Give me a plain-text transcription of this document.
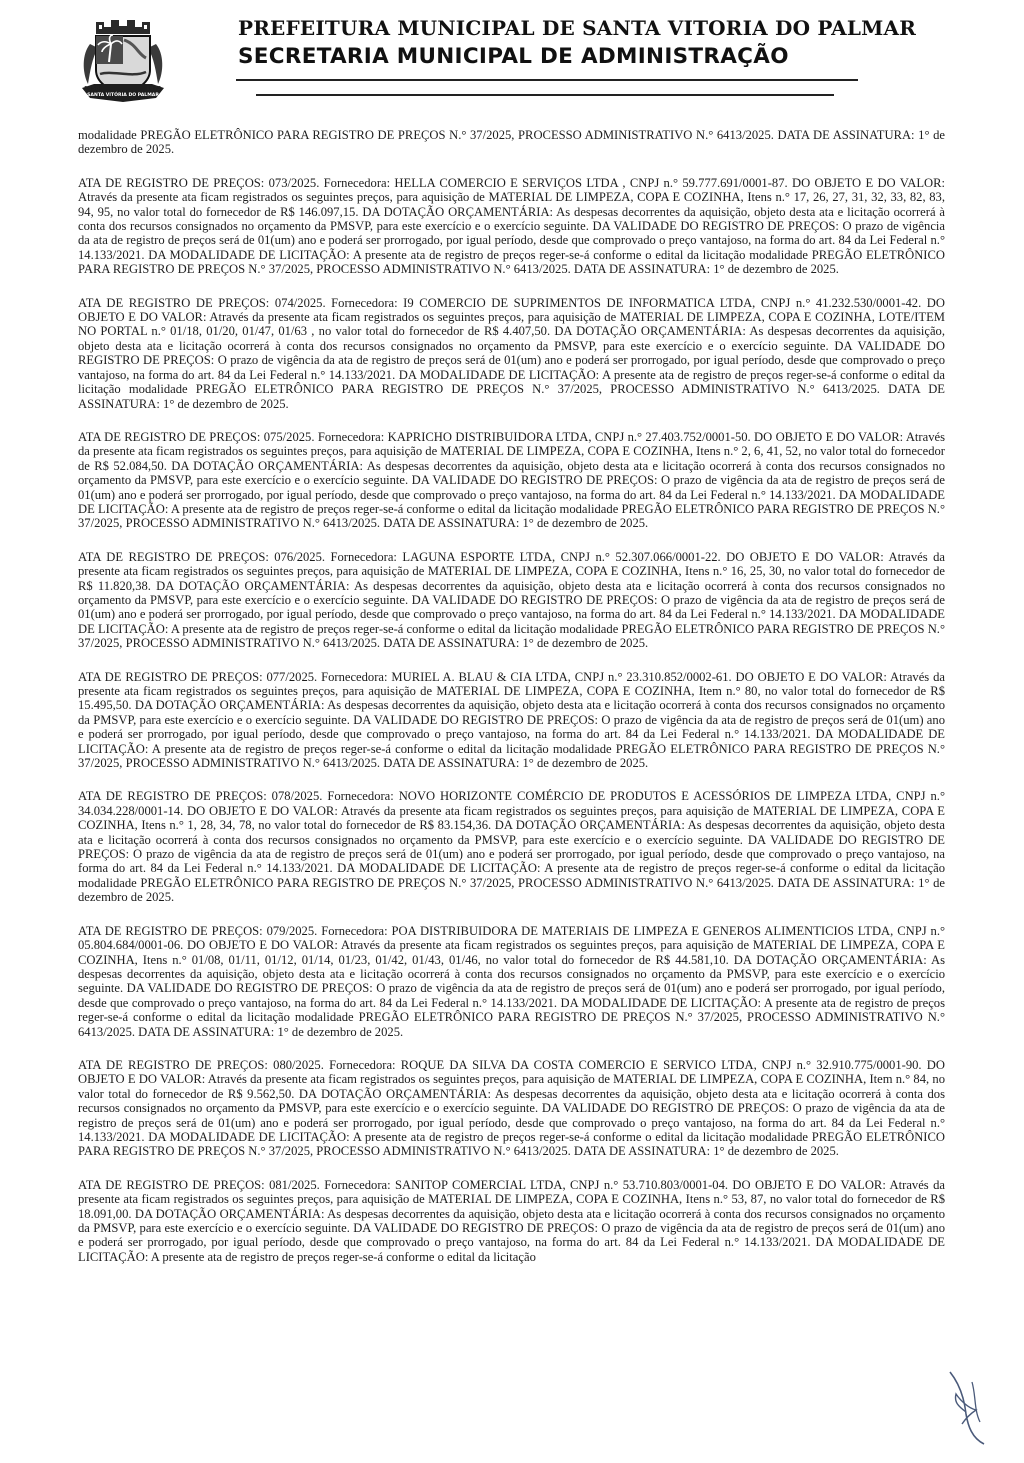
1858	1872
SANTA VITÓRIA DO PALMAR
PREFEITURA MUNICIPAL DE SANTA VITORIA DO PALMAR
SECRETARIA MUNICIPAL DE ADMINISTRAÇÃO

modalidade PREGÃO ELETRÔNICO PARA REGISTRO DE PREÇOS N.° 37/2025, PROCESSO ADMINISTRATIVO N.° 6413/2025. DATA DE ASSINATURA: 1° de dezembro de 2025.

ATA DE REGISTRO DE PREÇOS: 073/2025. Fornecedora: HELLA COMERCIO E SERVIÇOS LTDA , CNPJ n.° 59.777.691/0001-87. DO OBJETO E DO VALOR: Através da presente ata ficam registrados os seguintes preços, para aquisição de MATERIAL DE LIMPEZA, COPA E COZINHA, Itens n.° 17, 26, 27, 31, 32, 33, 82, 83, 94, 95, no valor total do fornecedor de R$ 146.097,15. DA DOTAÇÃO ORÇAMENTÁRIA: As despesas decorrentes da aquisição, objeto desta ata e licitação ocorrerá à conta dos recursos consignados no orçamento da PMSVP, para este exercício e o exercício seguinte. DA VALIDADE DO REGISTRO DE PREÇOS: O prazo de vigência da ata de registro de preços será de 01(um) ano e poderá ser prorrogado, por igual período, desde que comprovado o preço vantajoso, na forma do art. 84 da Lei Federal n.° 14.133/2021. DA MODALIDADE DE LICITAÇÃO: A presente ata de registro de preços reger-se-á conforme o edital da licitação modalidade PREGÃO ELETRÔNICO PARA REGISTRO DE PREÇOS N.° 37/2025, PROCESSO ADMINISTRATIVO N.° 6413/2025. DATA DE ASSINATURA: 1° de dezembro de 2025.

ATA DE REGISTRO DE PREÇOS: 074/2025. Fornecedora: I9 COMERCIO DE SUPRIMENTOS DE INFORMATICA LTDA, CNPJ n.° 41.232.530/0001-42. DO OBJETO E DO VALOR: Através da presente ata ficam registrados os seguintes preços, para aquisição de MATERIAL DE LIMPEZA, COPA E COZINHA, LOTE/ITEM NO PORTAL n.° 01/18, 01/20, 01/47, 01/63 , no valor total do fornecedor de R$ 4.407,50. DA DOTAÇÃO ORÇAMENTÁRIA: As despesas decorrentes da aquisição, objeto desta ata e licitação ocorrerá à conta dos recursos consignados no orçamento da PMSVP, para este exercício e o exercício seguinte. DA VALIDADE DO REGISTRO DE PREÇOS: O prazo de vigência da ata de registro de preços será de 01(um) ano e poderá ser prorrogado, por igual período, desde que comprovado o preço vantajoso, na forma do art. 84 da Lei Federal n.° 14.133/2021. DA MODALIDADE DE LICITAÇÃO: A presente ata de registro de preços reger-se-á conforme o edital da licitação modalidade PREGÃO ELETRÔNICO PARA REGISTRO DE PREÇOS N.° 37/2025, PROCESSO ADMINISTRATIVO N.° 6413/2025. DATA DE ASSINATURA: 1° de dezembro de 2025.

ATA DE REGISTRO DE PREÇOS: 075/2025. Fornecedora: KAPRICHO DISTRIBUIDORA LTDA, CNPJ n.° 27.403.752/0001-50. DO OBJETO E DO VALOR: Através da presente ata ficam registrados os seguintes preços, para aquisição de MATERIAL DE LIMPEZA, COPA E COZINHA, Itens n.° 2, 6, 41, 52, no valor total do fornecedor de R$ 52.084,50. DA DOTAÇÃO ORÇAMENTÁRIA: As despesas decorrentes da aquisição, objeto desta ata e licitação ocorrerá à conta dos recursos consignados no orçamento da PMSVP, para este exercício e o exercício seguinte. DA VALIDADE DO REGISTRO DE PREÇOS: O prazo de vigência da ata de registro de preços será de 01(um) ano e poderá ser prorrogado, por igual período, desde que comprovado o preço vantajoso, na forma do art. 84 da Lei Federal n.° 14.133/2021. DA MODALIDADE DE LICITAÇÃO: A presente ata de registro de preços reger-se-á conforme o edital da licitação modalidade PREGÃO ELETRÔNICO PARA REGISTRO DE PREÇOS N.° 37/2025, PROCESSO ADMINISTRATIVO N.° 6413/2025. DATA DE ASSINATURA: 1° de dezembro de 2025.

ATA DE REGISTRO DE PREÇOS: 076/2025. Fornecedora: LAGUNA ESPORTE LTDA, CNPJ n.° 52.307.066/0001-22. DO OBJETO E DO VALOR: Através da presente ata ficam registrados os seguintes preços, para aquisição de MATERIAL DE LIMPEZA, COPA E COZINHA, Itens n.° 16, 25, 30, no valor total do fornecedor de R$ 11.820,38. DA DOTAÇÃO ORÇAMENTÁRIA: As despesas decorrentes da aquisição, objeto desta ata e licitação ocorrerá à conta dos recursos consignados no orçamento da PMSVP, para este exercício e o exercício seguinte. DA VALIDADE DO REGISTRO DE PREÇOS: O prazo de vigência da ata de registro de preços será de 01(um) ano e poderá ser prorrogado, por igual período, desde que comprovado o preço vantajoso, na forma do art. 84 da Lei Federal n.° 14.133/2021. DA MODALIDADE DE LICITAÇÃO: A presente ata de registro de preços reger-se-á conforme o edital da licitação modalidade PREGÃO ELETRÔNICO PARA REGISTRO DE PREÇOS N.° 37/2025, PROCESSO ADMINISTRATIVO N.° 6413/2025. DATA DE ASSINATURA: 1° de dezembro de 2025.

ATA DE REGISTRO DE PREÇOS: 077/2025. Fornecedora: MURIEL A. BLAU & CIA LTDA, CNPJ n.° 23.310.852/0002-61. DO OBJETO E DO VALOR: Através da presente ata ficam registrados os seguintes preços, para aquisição de MATERIAL DE LIMPEZA, COPA E COZINHA, Item n.° 80, no valor total do fornecedor de R$ 15.495,50. DA DOTAÇÃO ORÇAMENTÁRIA: As despesas decorrentes da aquisição, objeto desta ata e licitação ocorrerá à conta dos recursos consignados no orçamento da PMSVP, para este exercício e o exercício seguinte. DA VALIDADE DO REGISTRO DE PREÇOS: O prazo de vigência da ata de registro de preços será de 01(um) ano e poderá ser prorrogado, por igual período, desde que comprovado o preço vantajoso, na forma do art. 84 da Lei Federal n.° 14.133/2021. DA MODALIDADE DE LICITAÇÃO: A presente ata de registro de preços reger-se-á conforme o edital da licitação modalidade PREGÃO ELETRÔNICO PARA REGISTRO DE PREÇOS N.° 37/2025, PROCESSO ADMINISTRATIVO N.° 6413/2025. DATA DE ASSINATURA: 1° de dezembro de 2025.

ATA DE REGISTRO DE PREÇOS: 078/2025. Fornecedora: NOVO HORIZONTE COMÉRCIO DE PRODUTOS E ACESSÓRIOS DE LIMPEZA LTDA, CNPJ n.° 34.034.228/0001-14. DO OBJETO E DO VALOR: Através da presente ata ficam registrados os seguintes preços, para aquisição de MATERIAL DE LIMPEZA, COPA E COZINHA, Itens n.° 1, 28, 34, 78, no valor total do fornecedor de R$ 83.154,36. DA DOTAÇÃO ORÇAMENTÁRIA: As despesas decorrentes da aquisição, objeto desta ata e licitação ocorrerá à conta dos recursos consignados no orçamento da PMSVP, para este exercício e o exercício seguinte. DA VALIDADE DO REGISTRO DE PREÇOS: O prazo de vigência da ata de registro de preços será de 01(um) ano e poderá ser prorrogado, por igual período, desde que comprovado o preço vantajoso, na forma do art. 84 da Lei Federal n.° 14.133/2021. DA MODALIDADE DE LICITAÇÃO: A presente ata de registro de preços reger-se-á conforme o edital da licitação modalidade PREGÃO ELETRÔNICO PARA REGISTRO DE PREÇOS N.° 37/2025, PROCESSO ADMINISTRATIVO N.° 6413/2025. DATA DE ASSINATURA: 1° de dezembro de 2025.

ATA DE REGISTRO DE PREÇOS: 079/2025. Fornecedora: POA DISTRIBUIDORA DE MATERIAIS DE LIMPEZA E GENEROS ALIMENTICIOS LTDA, CNPJ n.° 05.804.684/0001-06. DO OBJETO E DO VALOR: Através da presente ata ficam registrados os seguintes preços, para aquisição de MATERIAL DE LIMPEZA, COPA E COZINHA, Itens n.° 01/08, 01/11, 01/12, 01/14, 01/23, 01/42, 01/43, 01/46, no valor total do fornecedor de R$ 44.581,10. DA DOTAÇÃO ORÇAMENTÁRIA: As despesas decorrentes da aquisição, objeto desta ata e licitação ocorrerá à conta dos recursos consignados no orçamento da PMSVP, para este exercício e o exercício seguinte. DA VALIDADE DO REGISTRO DE PREÇOS: O prazo de vigência da ata de registro de preços será de 01(um) ano e poderá ser prorrogado, por igual período, desde que comprovado o preço vantajoso, na forma do art. 84 da Lei Federal n.° 14.133/2021. DA MODALIDADE DE LICITAÇÃO: A presente ata de registro de preços reger-se-á conforme o edital da licitação modalidade PREGÃO ELETRÔNICO PARA REGISTRO DE PREÇOS N.° 37/2025, PROCESSO ADMINISTRATIVO N.° 6413/2025. DATA DE ASSINATURA: 1° de dezembro de 2025.

ATA DE REGISTRO DE PREÇOS: 080/2025. Fornecedora: ROQUE DA SILVA DA COSTA COMERCIO E SERVICO LTDA, CNPJ n.° 32.910.775/0001-90. DO OBJETO E DO VALOR: Através da presente ata ficam registrados os seguintes preços, para aquisição de MATERIAL DE LIMPEZA, COPA E COZINHA, Item n.° 84, no valor total do fornecedor de R$ 9.562,50. DA DOTAÇÃO ORÇAMENTÁRIA: As despesas decorrentes da aquisição, objeto desta ata e licitação ocorrerá à conta dos recursos consignados no orçamento da PMSVP, para este exercício e o exercício seguinte. DA VALIDADE DO REGISTRO DE PREÇOS: O prazo de vigência da ata de registro de preços será de 01(um) ano e poderá ser prorrogado, por igual período, desde que comprovado o preço vantajoso, na forma do art. 84 da Lei Federal n.° 14.133/2021. DA MODALIDADE DE LICITAÇÃO: A presente ata de registro de preços reger-se-á conforme o edital da licitação modalidade PREGÃO ELETRÔNICO PARA REGISTRO DE PREÇOS N.° 37/2025, PROCESSO ADMINISTRATIVO N.° 6413/2025. DATA DE ASSINATURA: 1° de dezembro de 2025.

ATA DE REGISTRO DE PREÇOS: 081/2025. Fornecedora: SANITOP COMERCIAL LTDA, CNPJ n.° 53.710.803/0001-04. DO OBJETO E DO VALOR: Através da presente ata ficam registrados os seguintes preços, para aquisição de MATERIAL DE LIMPEZA, COPA E COZINHA, Itens n.° 53, 87, no valor total do fornecedor de R$ 18.091,00. DA DOTAÇÃO ORÇAMENTÁRIA: As despesas decorrentes da aquisição, objeto desta ata e licitação ocorrerá à conta dos recursos consignados no orçamento da PMSVP, para este exercício e o exercício seguinte. DA VALIDADE DO REGISTRO DE PREÇOS: O prazo de vigência da ata de registro de preços será de 01(um) ano e poderá ser prorrogado, por igual período, desde que comprovado o preço vantajoso, na forma do art. 84 da Lei Federal n.° 14.133/2021. DA MODALIDADE DE LICITAÇÃO: A presente ata de registro de preços reger-se-á conforme o edital da licitação
